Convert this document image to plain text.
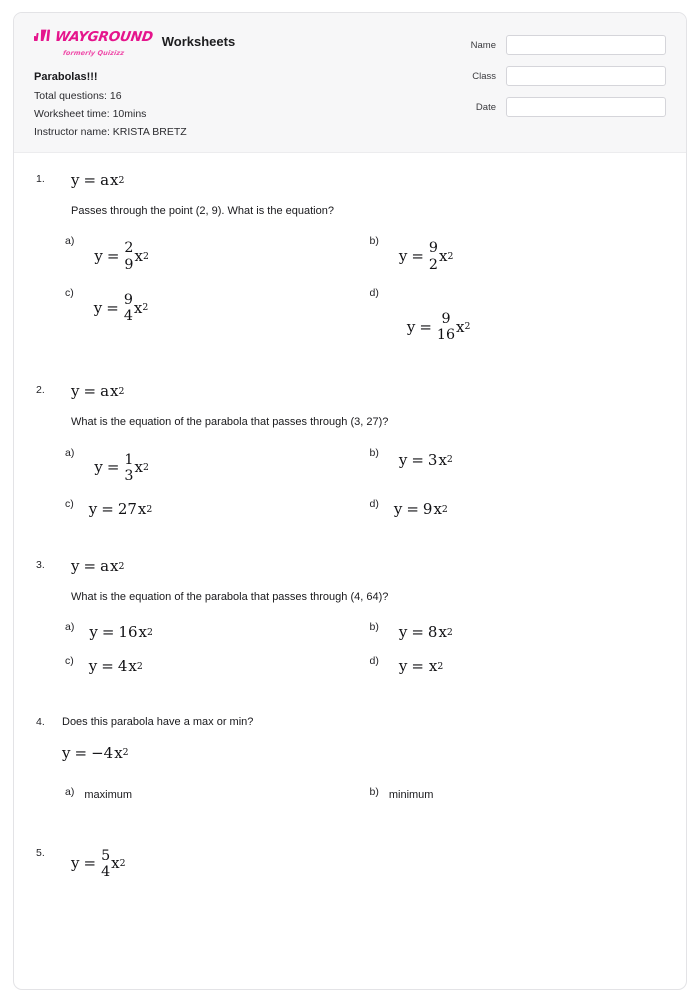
WAYGROUND
formerly Quizizz
Worksheets
Parabolas!!!
Total questions: 16
Worksheet time: 10mins
Instructor name: KRISTA BRETZ
Name
Class
Date
1.	y = a x 2
Passes through the point (2, 9). What is the equation?
a)
y = 2
9 x 2
b)
y = 9
2 x 2
c)
y = 9
4 x 2
d)
y = 9
16 x 2
2.	y = a x 2
What is the equation of the parabola that passes through (3, 27)?
a)
y = 1
3 x 2
b) y = 3 x 2
c) y = 27 x 2	d) y = 9 x 2
3.	y = a x 2
What is the equation of the parabola that passes through (4, 64)?
a) y = 16 x 2	b) y = 8 x 2
c) y = 4 x 2	d) y = x 2
4.	Does this parabola have a max or min?
y = −4 x 2
a) maximum	b) minimum
5.
y = 5
4 x 2
